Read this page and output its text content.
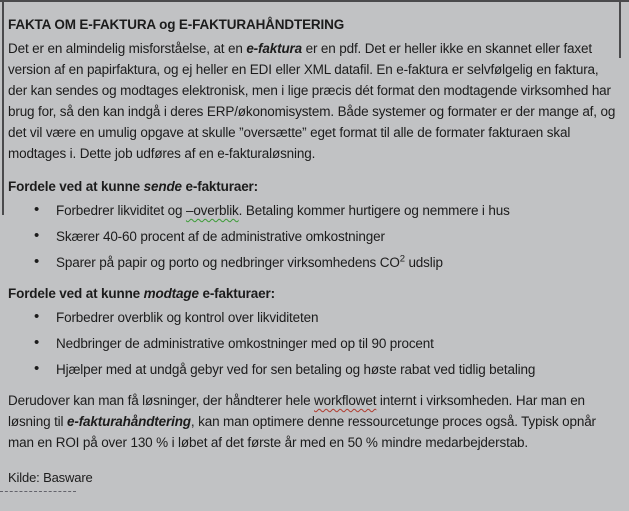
FAKTA OM E-FAKTURA og E-FAKTURAHÅNDTERING

Det er en almindelig misforståelse, at en e-faktura er en pdf. Det er heller ikke en skannet eller faxet version af en papirfaktura, og ej heller en EDI eller XML datafil. En e-faktura er selvfølgelig en faktura, der kan sendes og modtages elektronisk, men i lige præcis dét format den modtagende virksomhed har brug for, så den kan indgå i deres ERP/økonomisystem. Både systemer og formater er der mange af, og det vil være en umulig opgave at skulle ”oversætte” eget format til alle de formater fakturaen skal modtages i. Dette job udføres af en e-fakturaløsning.

Fordele ved at kunne sende e-fakturaer:
• Forbedrer likviditet og –overblik. Betaling kommer hurtigere og nemmere i hus
• Skærer 40-60 procent af de administrative omkostninger
• Sparer på papir og porto og nedbringer virksomhedens $CO^2$ udslip
Fordele ved at kunne modtage e-fakturaer:
• Forbedrer overblik og kontrol over likviditeten
• Nedbringer de administrative omkostninger med op til 90 procent
• Hjælper med at undgå gebyr ved for sen betaling og høste rabat ved tidlig betaling

Derudover kan man få løsninger, der håndterer hele workflowet internt i virksomheden. Har man en løsning til e-fakturahåndtering, kan man optimere denne ressourcetunge proces også. Typisk opnår man en ROI på over 130 % i løbet af det første år med en 50 % mindre medarbejderstab.

Kilde: Basware
